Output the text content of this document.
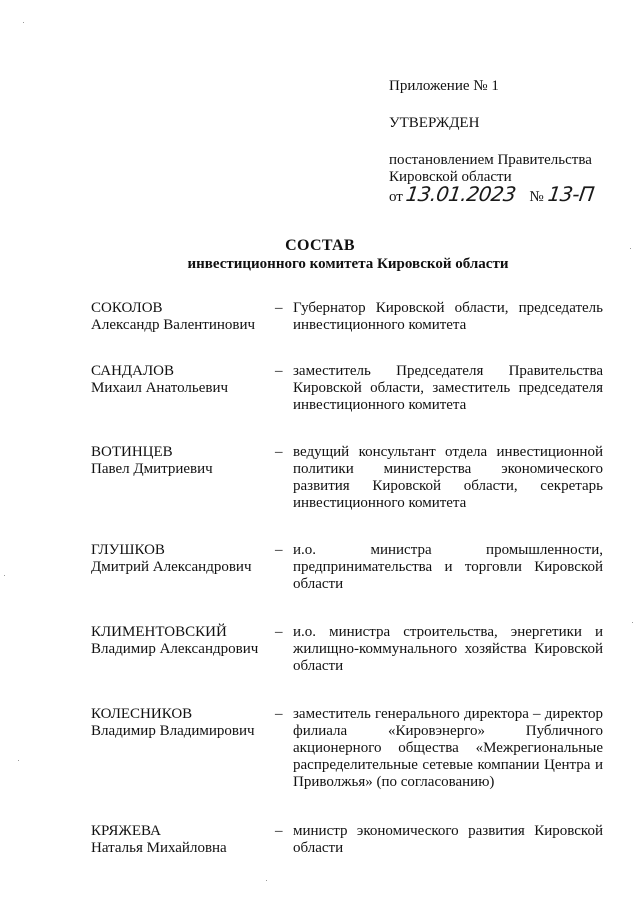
Приложение № 1
УТВЕРЖДЕН
постановлением Правительства
Кировской области
от 13.01.2023 № 13-П
СОСТАВ
инвестиционного комитета Кировской области
СОКОЛОВ
Александр Валентинович
– Губернатор Кировской области, председатель инвестиционного комитета
САНДАЛОВ
Михаил Анатольевич
– заместитель Председателя Правительства Кировской области, заместитель председателя инвестиционного комитета
ВОТИНЦЕВ
Павел Дмитриевич
– ведущий консультант отдела инвестиционной политики министерства экономического развития Кировской области, секретарь инвестиционного комитета
ГЛУШКОВ
Дмитрий Александрович
– и.о. министра промышленности, предпринимательства и торговли Кировской области
КЛИМЕНТОВСКИЙ
Владимир Александрович
– и.о. министра строительства, энергетики и жилищно-коммунального хозяйства Кировской области
КОЛЕСНИКОВ
Владимир Владимирович
– заместитель генерального директора – директор филиала «Кировэнерго» Публичного акционерного общества «Межрегиональные распределительные сетевые компании Центра и Приволжья» (по согласованию)
КРЯЖЕВА
Наталья Михайловна
– министр экономического развития Кировской области
